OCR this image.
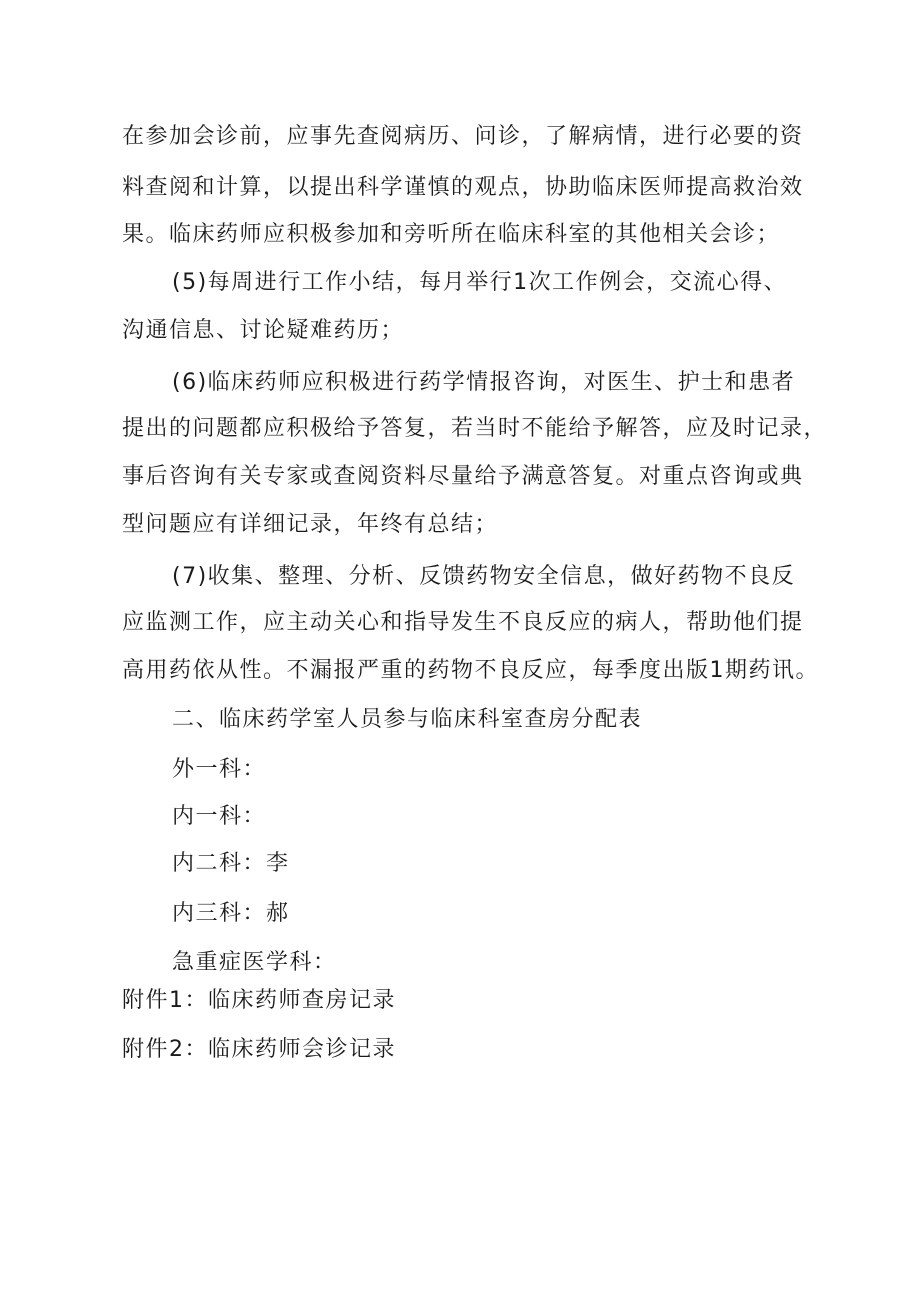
在参加会诊前，应事先查阅病历、问诊，了解病情，进行必要的资
料查阅和计算，以提出科学谨慎的观点，协助临床医师提高救治效
果。临床药师应积极参加和旁听所在临床科室的其他相关会诊；
(5)每周进行工作小结，每月举行1次工作例会，交流心得、
沟通信息、讨论疑难药历；
(6)临床药师应积极进行药学情报咨询，对医生、护士和患者
提出的问题都应积极给予答复，若当时不能给予解答，应及时记录，
事后咨询有关专家或查阅资料尽量给予满意答复。对重点咨询或典
型问题应有详细记录，年终有总结；
(7)收集、整理、分析、反馈药物安全信息，做好药物不良反
应监测工作，应主动关心和指导发生不良反应的病人，帮助他们提
高用药依从性。不漏报严重的药物不良反应，每季度出版1期药讯。
二、临床药学室人员参与临床科室查房分配表
外一科：
内一科：
内二科：李
内三科：郝
急重症医学科：
附件1：临床药师查房记录
附件2：临床药师会诊记录
